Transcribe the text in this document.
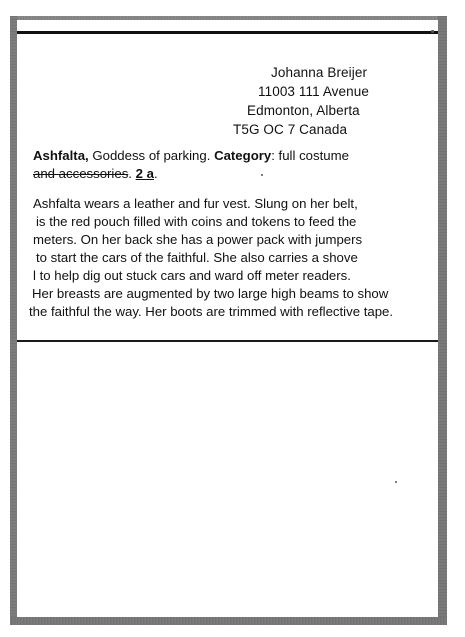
Johanna Breijer
11003 111 Avenue
Edmonton, Alberta
T5G OC 7 Canada
Ashfalta, Goddess of parking. Category: full costume
and accessories. 2 a.
Ashfalta wears a leather and fur vest. Slung on her belt,
is the red pouch filled with coins and tokens to feed the
meters. On her back she has a power pack with jumpers
to start the cars of the faithful. She also carries a shove
l to help dig out stuck cars and ward off meter readers.
Her breasts are augmented by two large high beams to show
the faithful the way. Her boots are trimmed with reflective tape.
